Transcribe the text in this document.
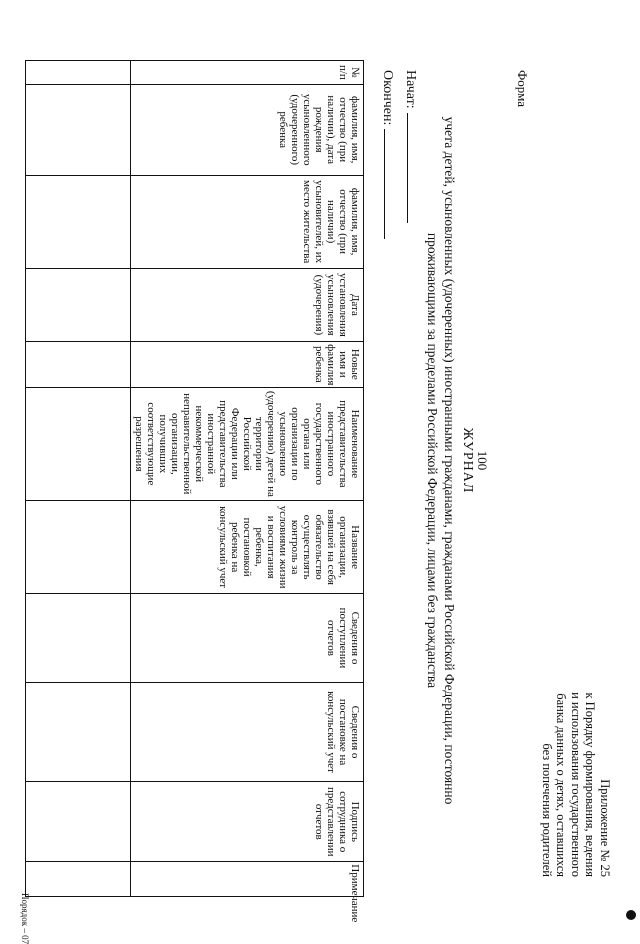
100
Приложение № 25
к Порядку формирования, ведения
и использования государственного
банка данных о детях, оставшихся
без попечения родителей
Форма
ЖУРНАЛ
учета детей, усыновленных (удочеренных) иностранными гражданами, гражданами Российской Федерации, постоянно
проживающими за пределами Российской Федерации, лицами без гражданства
Начат:
Окончен:
№ п/п	фамилия, имя, отчество (при наличии), дата рождения усыновленного (удочеренного) ребенка	фамилия, имя, отчество (при наличии) усыновителей, их место жительства	Дата установления усыновления (удочерения)	Новые имя и фамилия ребенка	Наименование представительства иностранного государственного органа или организации по усыновлению (удочерению) детей на территории Российской Федерации или представительства иностранной некоммерческой неправительственной организации, получивших соответствующие разрешения	Название организации, взявшей на себя обязательство осуществлять контроль за условиями жизни и воспитания ребенка, постановкой ребенка на консульский учет	Сведения о поступлении отчетов	Сведения о постановке на консульский учет	Подпись сотрудника о представлении отчетов	Примечание

Порядок – 07
